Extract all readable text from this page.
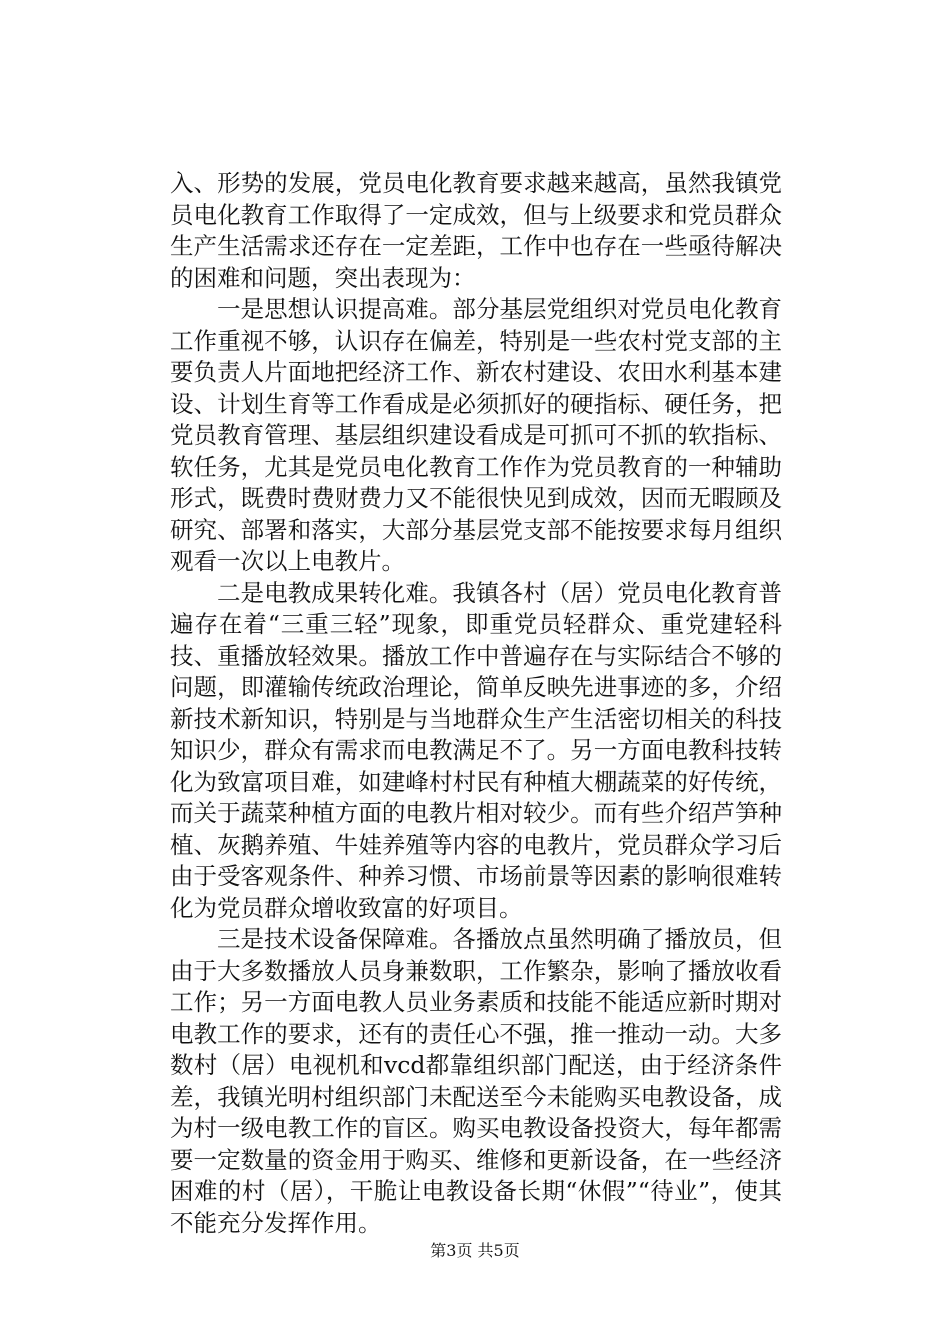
入、形势的发展，党员电化教育要求越来越高，虽然我镇党员电化教育工作取得了一定成效，但与上级要求和党员群众生产生活需求还存在一定差距，工作中也存在一些亟待解决的困难和问题，突出表现为：

一是思想认识提高难。部分基层党组织对党员电化教育工作重视不够，认识存在偏差，特别是一些农村党支部的主要负责人片面地把经济工作、新农村建设、农田水利基本建设、计划生育等工作看成是必须抓好的硬指标、硬任务，把党员教育管理、基层组织建设看成是可抓可不抓的软指标、软任务，尤其是党员电化教育工作作为党员教育的一种辅助形式，既费时费财费力又不能很快见到成效，因而无暇顾及研究、部署和落实，大部分基层党支部不能按要求每月组织观看一次以上电教片。

二是电教成果转化难。我镇各村（居）党员电化教育普遍存在着“三重三轻”现象，即重党员轻群众、重党建轻科技、重播放轻效果。播放工作中普遍存在与实际结合不够的问题，即灌输传统政治理论，简单反映先进事迹的多，介绍新技术新知识，特别是与当地群众生产生活密切相关的科技知识少，群众有需求而电教满足不了。另一方面电教科技转化为致富项目难，如建峰村村民有种植大棚蔬菜的好传统，而关于蔬菜种植方面的电教片相对较少。而有些介绍芦笋种植、灰鹅养殖、牛娃养殖等内容的电教片，党员群众学习后由于受客观条件、种养习惯、市场前景等因素的影响很难转化为党员群众增收致富的好项目。

三是技术设备保障难。各播放点虽然明确了播放员，但由于大多数播放人员身兼数职，工作繁杂，影响了播放收看工作；另一方面电教人员业务素质和技能不能适应新时期对电教工作的要求，还有的责任心不强，推一推动一动。大多数村（居）电视机和vcd都靠组织部门配送，由于经济条件差，我镇光明村组织部门未配送至今未能购买电教设备，成为村一级电教工作的盲区。购买电教设备投资大，每年都需要一定数量的资金用于购买、维修和更新设备，在一些经济困难的村（居），干脆让电教设备长期“休假”“待业”，使其不能充分发挥作用。

第3页 共5页
